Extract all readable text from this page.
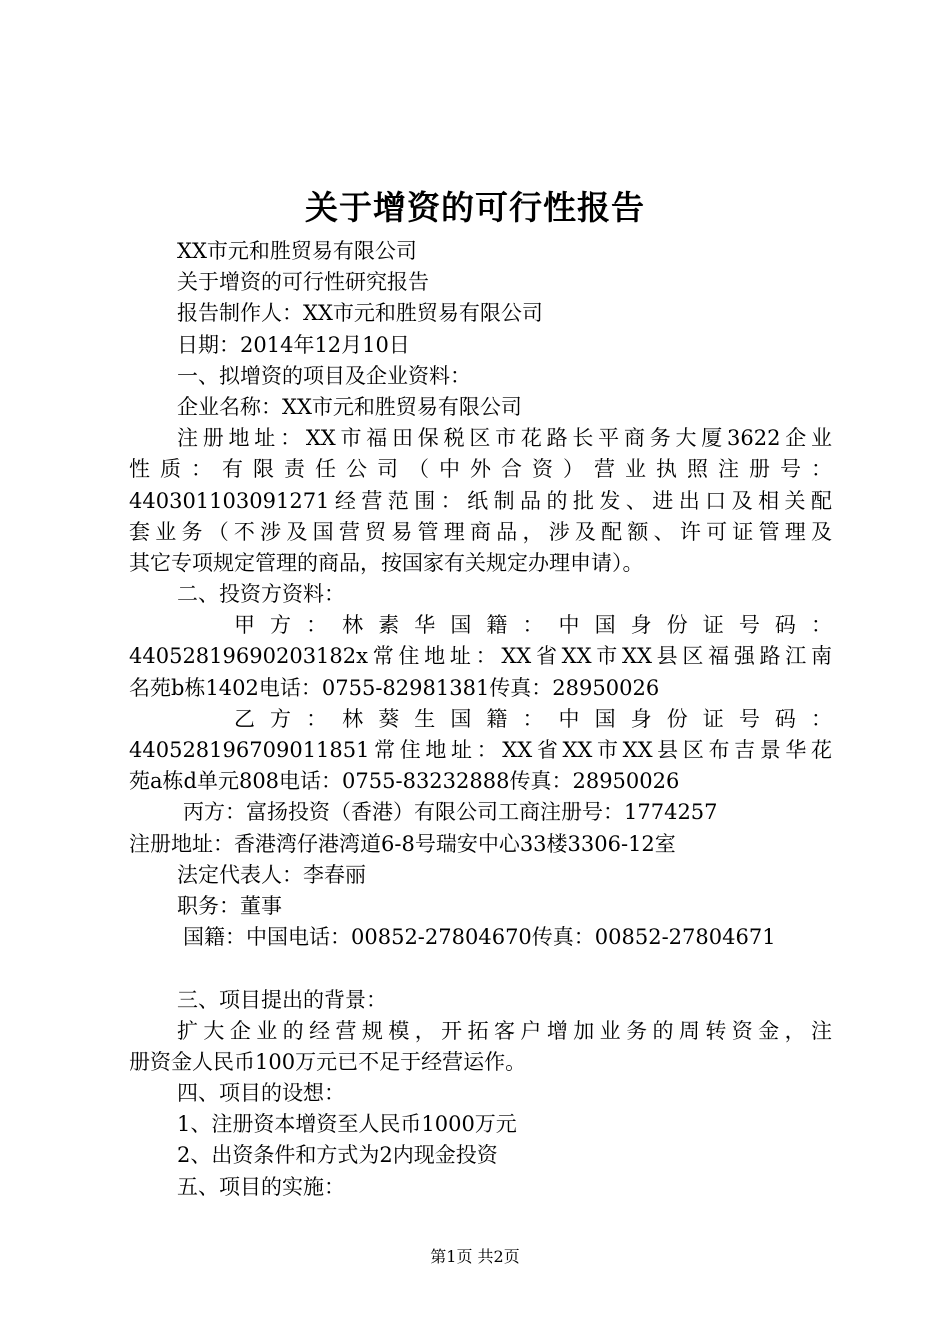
关于增资的可行性报告
XX市元和胜贸易有限公司
关于增资的可行性研究报告
报告制作人：XX市元和胜贸易有限公司
日期：2014年12月10日
一、拟增资的项目及企业资料：
企业名称：XX市元和胜贸易有限公司
注册地址：XX市福田保税区市花路长平商务大厦3622企业
性质：有限责任公司（中外合资）营业执照注册号：
440301103091271经营范围：纸制品的批发、进出口及相关配
套业务（不涉及国营贸易管理商品，涉及配额、许可证管理及
其它专项规定管理的商品，按国家有关规定办理申请）。
二、投资方资料：
甲方：林素华国籍：中国身份证号码：
44052819690203182x常住地址：XX省XX市XX县区福强路江南
名苑b栋1402电话：0755-82981381传真：28950026
乙方：林葵生国籍：中国身份证号码：
440528196709011851常住地址：XX省XX市XX县区布吉景华花
苑a栋d单元808电话：0755-83232888传真：28950026
丙方：富扬投资（香港）有限公司工商注册号：1774257
注册地址：香港湾仔港湾道6-8号瑞安中心33楼3306-12室
法定代表人：李春丽
职务：董事
国籍：中国电话：00852-27804670传真：00852-27804671
三、项目提出的背景：
扩大企业的经营规模，开拓客户增加业务的周转资金，注
册资金人民币100万元已不足于经营运作。
四、项目的设想：
1、注册资本增资至人民币1000万元
2、出资条件和方式为2内现金投资
五、项目的实施：
第1页 共2页
